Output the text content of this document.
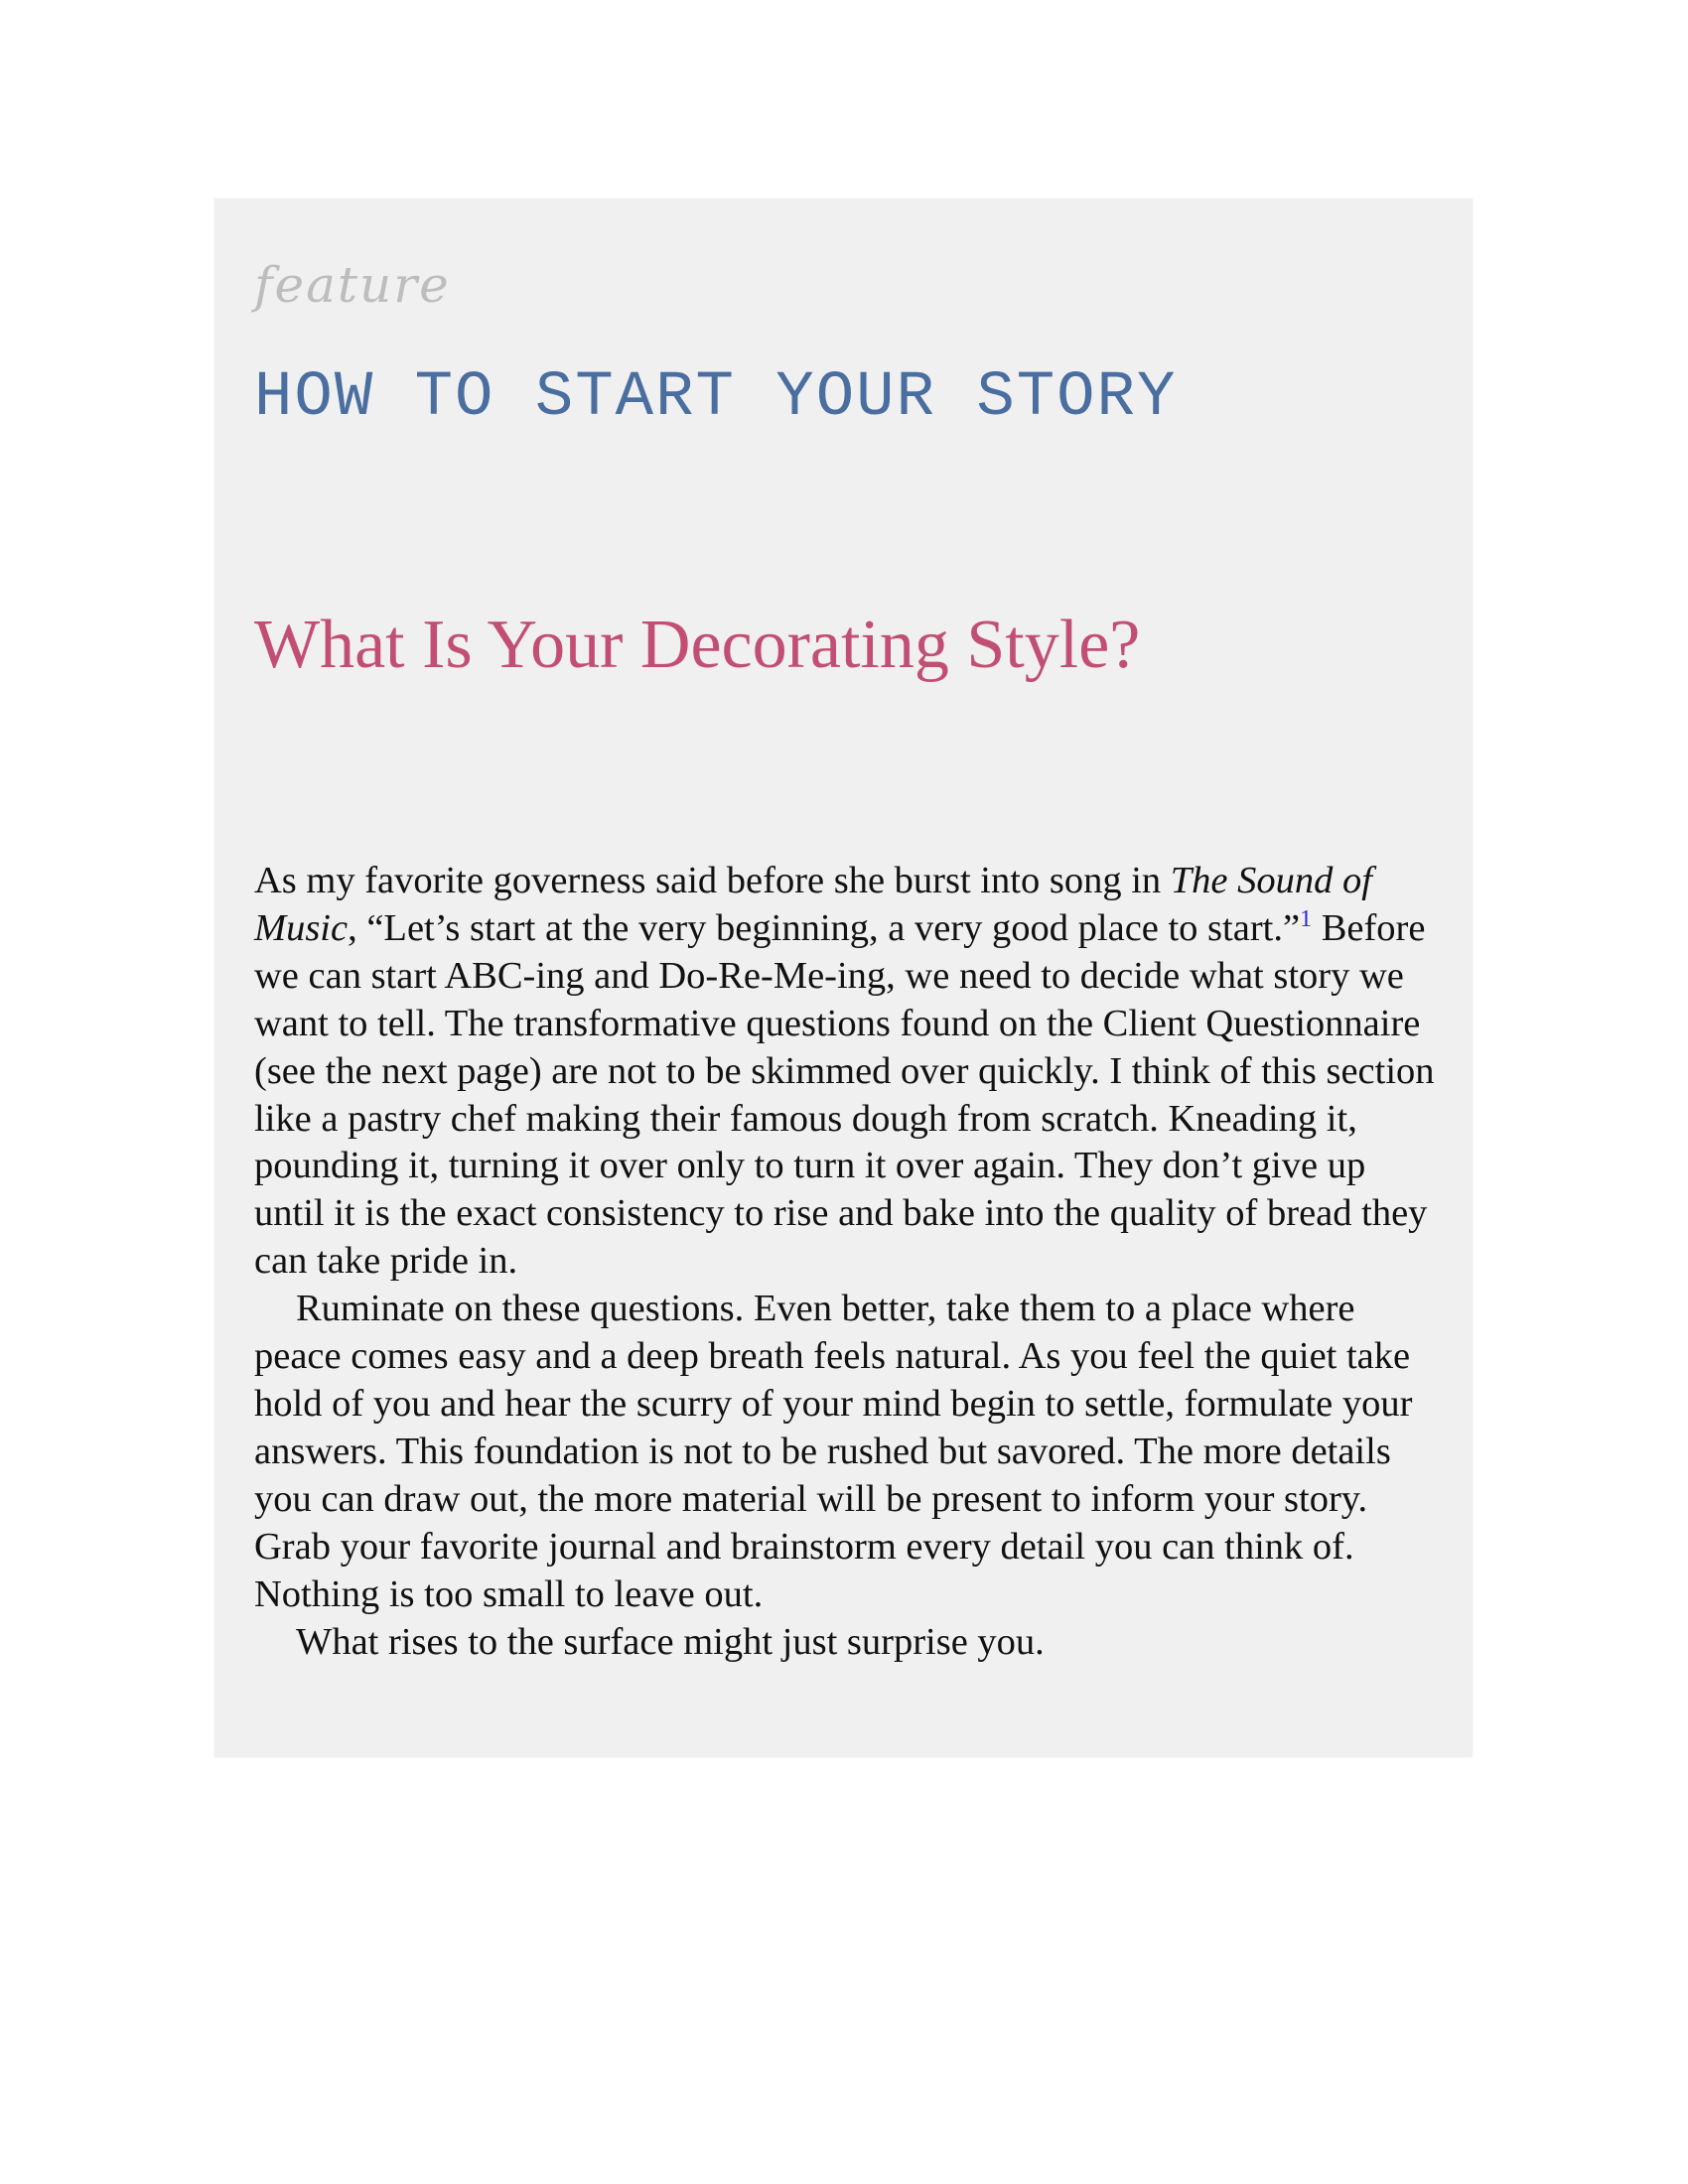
feature
HOW TO START YOUR STORY
What Is Your Decorating Style?

As my favorite governess said before she burst into song in The Sound of Music, “Let’s start at the very beginning, a very good place to start.”$^1$ Before we can start ABC-ing and Do-Re-Me-ing, we need to decide what story we want to tell. The transformative questions found on the Client Questionnaire (see the next page) are not to be skimmed over quickly. I think of this section like a pastry chef making their famous dough from scratch. Kneading it, pounding it, turning it over only to turn it over again. They don’t give up until it is the exact consistency to rise and bake into the quality of bread they can take pride in.

Ruminate on these questions. Even better, take them to a place where peace comes easy and a deep breath feels natural. As you feel the quiet take hold of you and hear the scurry of your mind begin to settle, formulate your answers. This foundation is not to be rushed but savored. The more details you can draw out, the more material will be present to inform your story. Grab your favorite journal and brainstorm every detail you can think of. Nothing is too small to leave out.

What rises to the surface might just surprise you.
